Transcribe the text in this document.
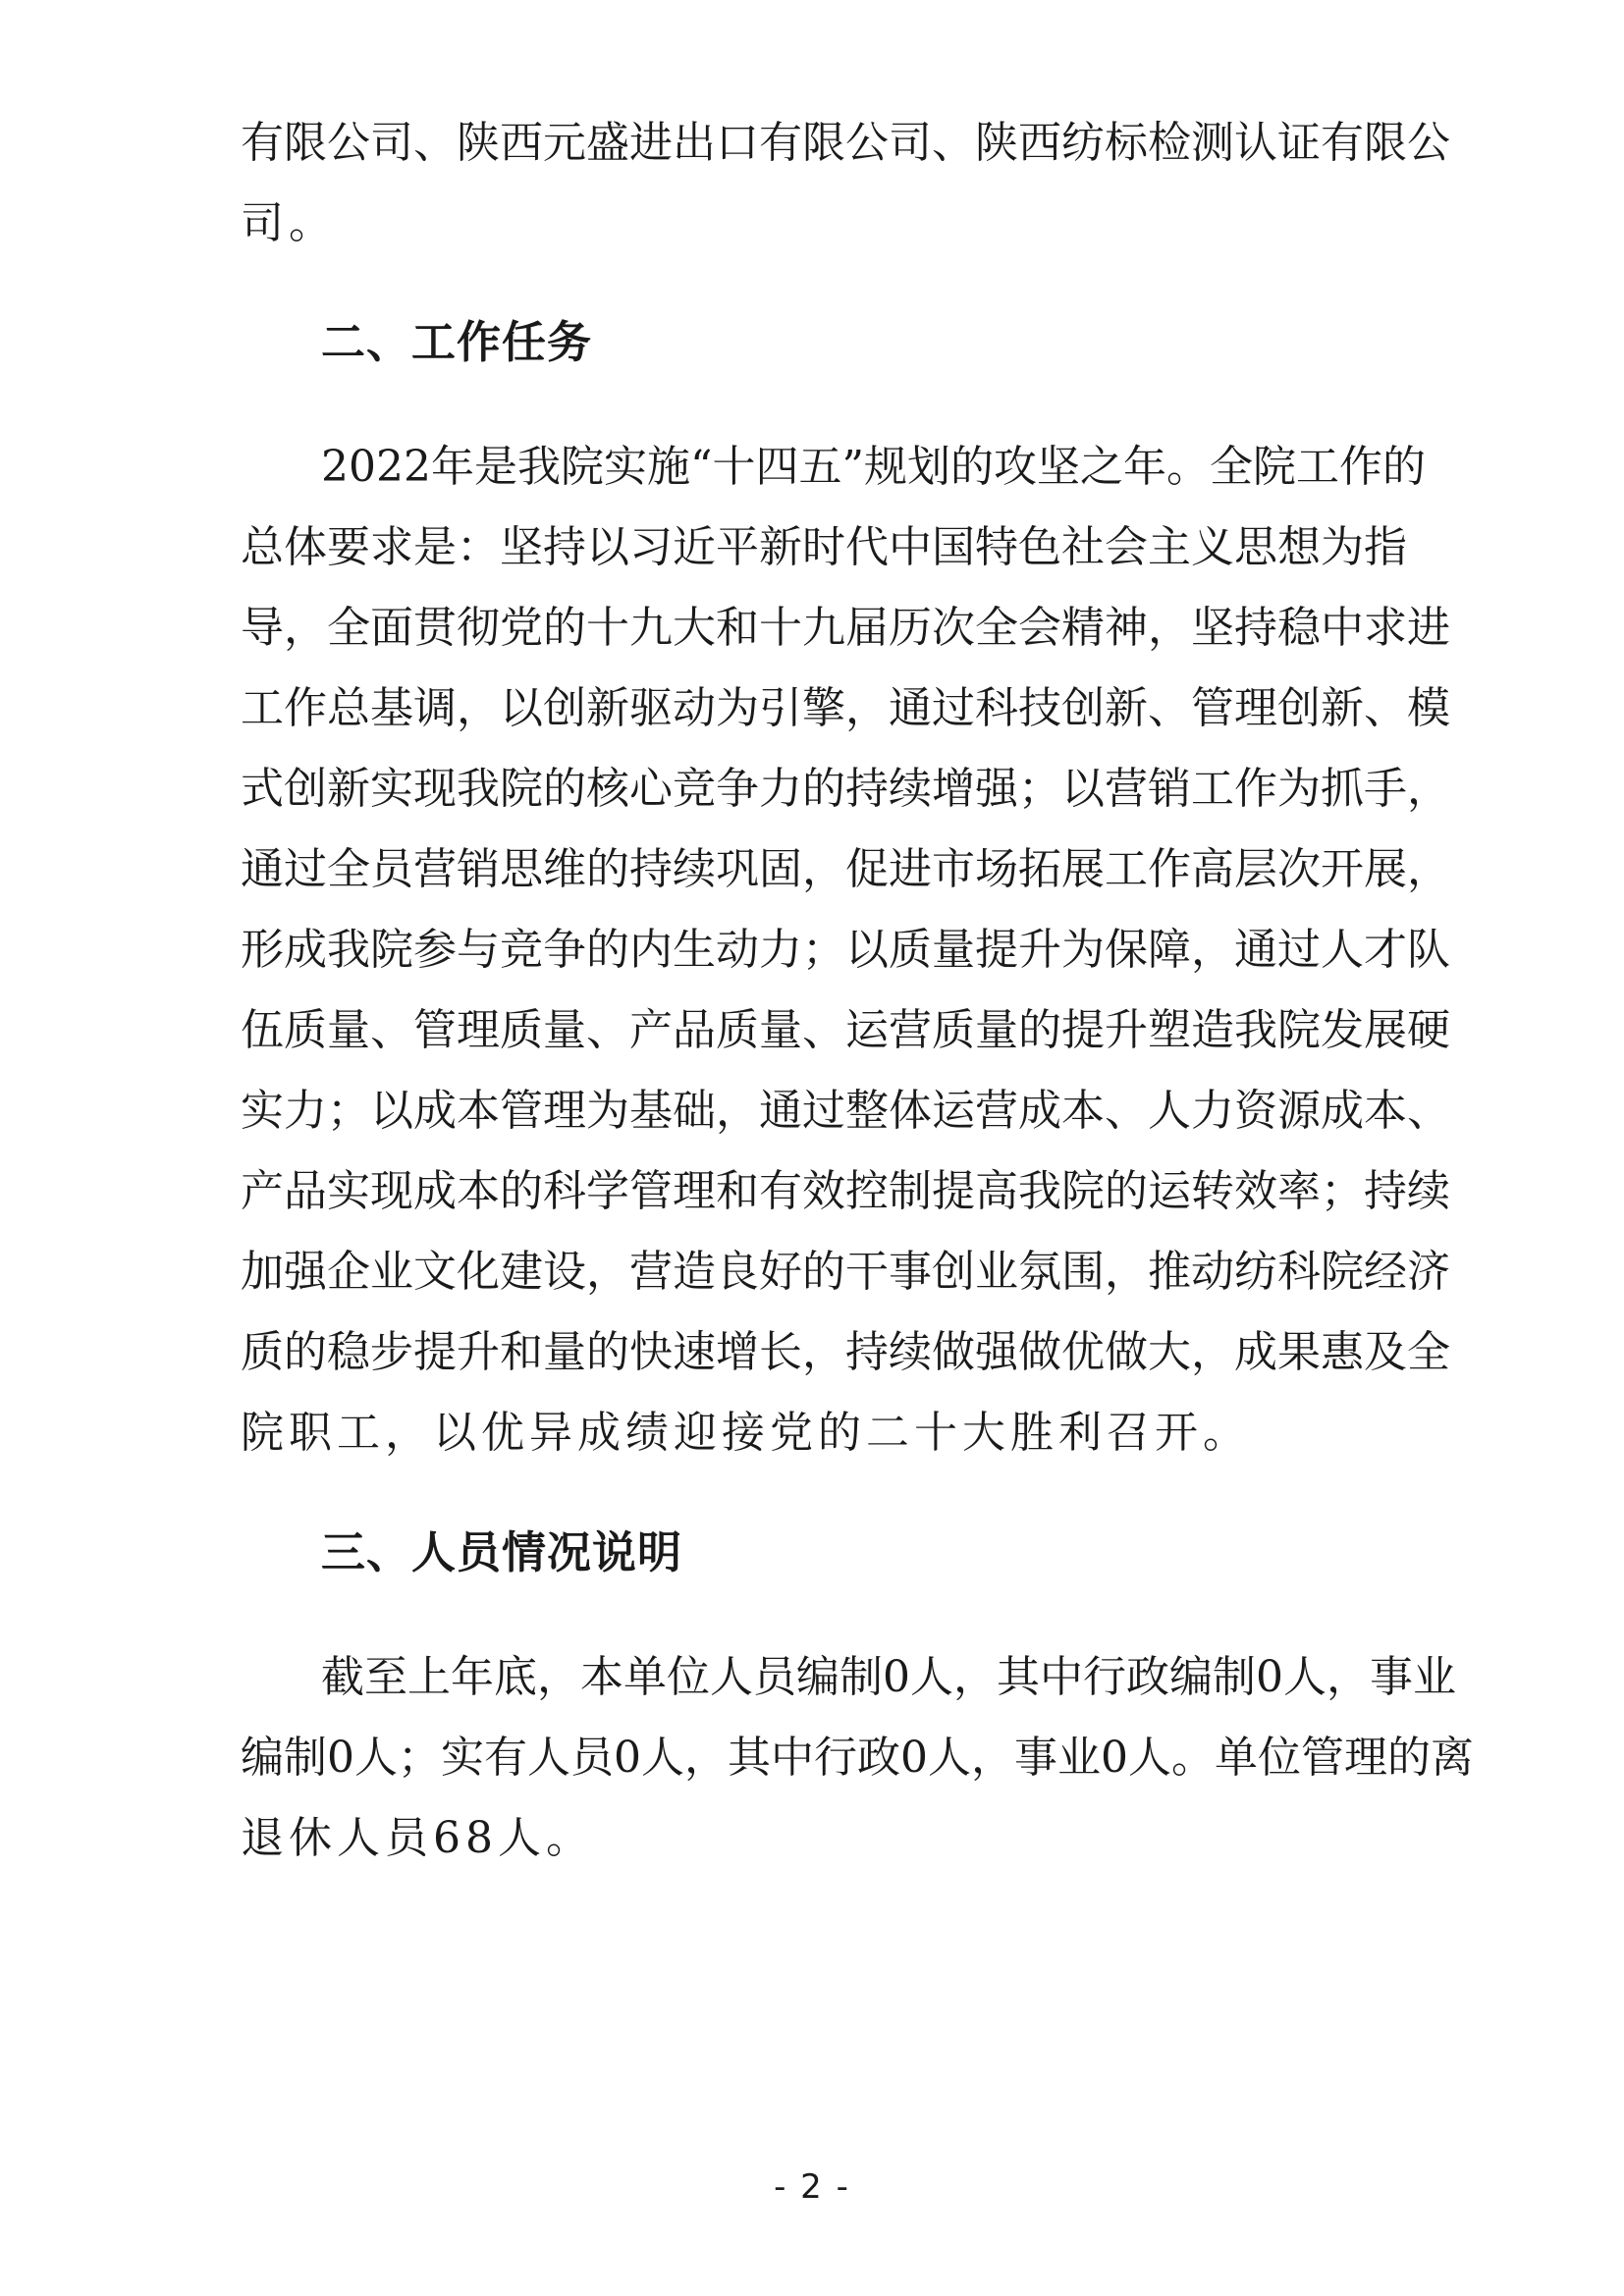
有限公司、陕西元盛进出口有限公司、陕西纺标检测认证有限公
司。
二、工作任务
2022年是我院实施“十四五”规划的攻坚之年。全院工作的
总体要求是：坚持以习近平新时代中国特色社会主义思想为指
导，全面贯彻党的十九大和十九届历次全会精神，坚持稳中求进
工作总基调，以创新驱动为引擎，通过科技创新、管理创新、模
式创新实现我院的核心竞争力的持续增强；以营销工作为抓手，
通过全员营销思维的持续巩固，促进市场拓展工作高层次开展，
形成我院参与竞争的内生动力；以质量提升为保障，通过人才队
伍质量、管理质量、产品质量、运营质量的提升塑造我院发展硬
实力；以成本管理为基础，通过整体运营成本、人力资源成本、
产品实现成本的科学管理和有效控制提高我院的运转效率；持续
加强企业文化建设，营造良好的干事创业氛围，推动纺科院经济
质的稳步提升和量的快速增长，持续做强做优做大，成果惠及全
院职工，以优异成绩迎接党的二十大胜利召开。
三、人员情况说明
截至上年底，本单位人员编制0人，其中行政编制0人，事业
编制0人；实有人员0人，其中行政0人，事业0人。单位管理的离
退休人员68人。
- 2 -
